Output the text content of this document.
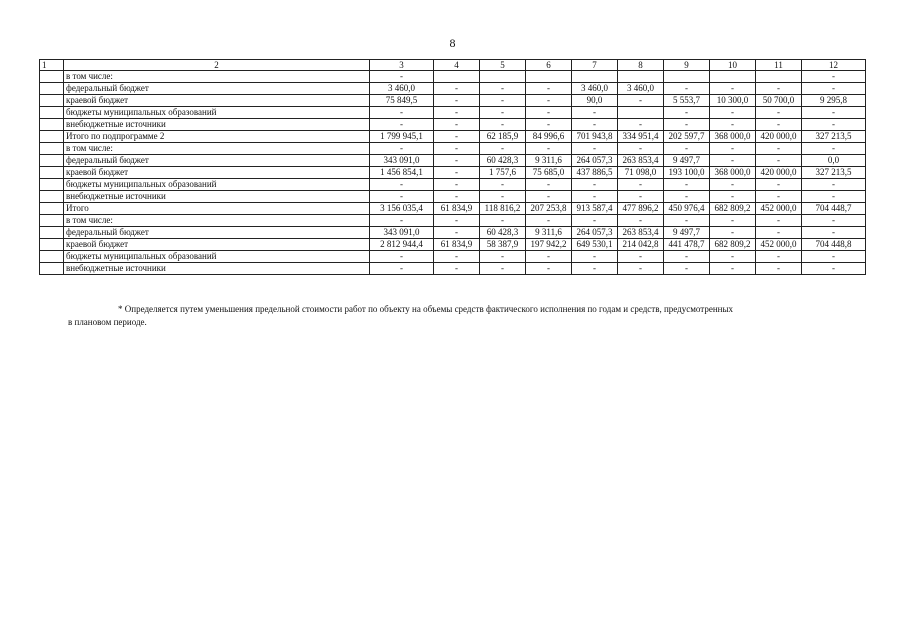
8
1	2	3	4	5	6	7	8	9	10	11	12
	в том числе:	-									-
	федеральный бюджет	3 460,0	-	-	-	3 460,0	3 460,0	-	-	-	-
	краевой бюджет	75 849,5	-	-	-	90,0	-	5 553,7	10 300,0	50 700,0	9 295,8
	бюджеты муниципальных образований	-	-	-	-	-		-	-	-	-
	внебюджетные источники	-	-	-	-	-	-	-	-	-	-
	Итого по подпрограмме 2	1 799 945,1	-	62 185,9	84 996,6	701 943,8	334 951,4	202 597,7	368 000,0	420 000,0	327 213,5
	в том числе:	-	-	-	-	-	-	-	-	-	-
	федеральный бюджет	343 091,0	-	60 428,3	9 311,6	264 057,3	263 853,4	9 497,7	-	-	0,0
	краевой бюджет	1 456 854,1	-	1 757,6	75 685,0	437 886,5	71 098,0	193 100,0	368 000,0	420 000,0	327 213,5
	бюджеты муниципальных образований	-	-	-	-	-	-	-	-	-	-
	внебюджетные источники	-	-	-	-	-	-	-	-	-	-
	Итого	3 156 035,4	61 834,9	118 816,2	207 253,8	913 587,4	477 896,2	450 976,4	682 809,2	452 000,0	704 448,7
	в том числе:	-	-	-	-	-	-	-	-	-	-
	федеральный бюджет	343 091,0	-	60 428,3	9 311,6	264 057,3	263 853,4	9 497,7	-	-	-
	краевой бюджет	2 812 944,4	61 834,9	58 387,9	197 942,2	649 530,1	214 042,8	441 478,7	682 809,2	452 000,0	704 448,8
	бюджеты муниципальных образований	-	-	-	-	-	-	-	-	-	-
	внебюджетные источники	-	-	-	-	-	-	-	-	-	-
* Определяется путем уменьшения предельной стоимости работ по объекту на объемы средств фактического исполнения по годам и средств, предусмотренных
в плановом периоде.
